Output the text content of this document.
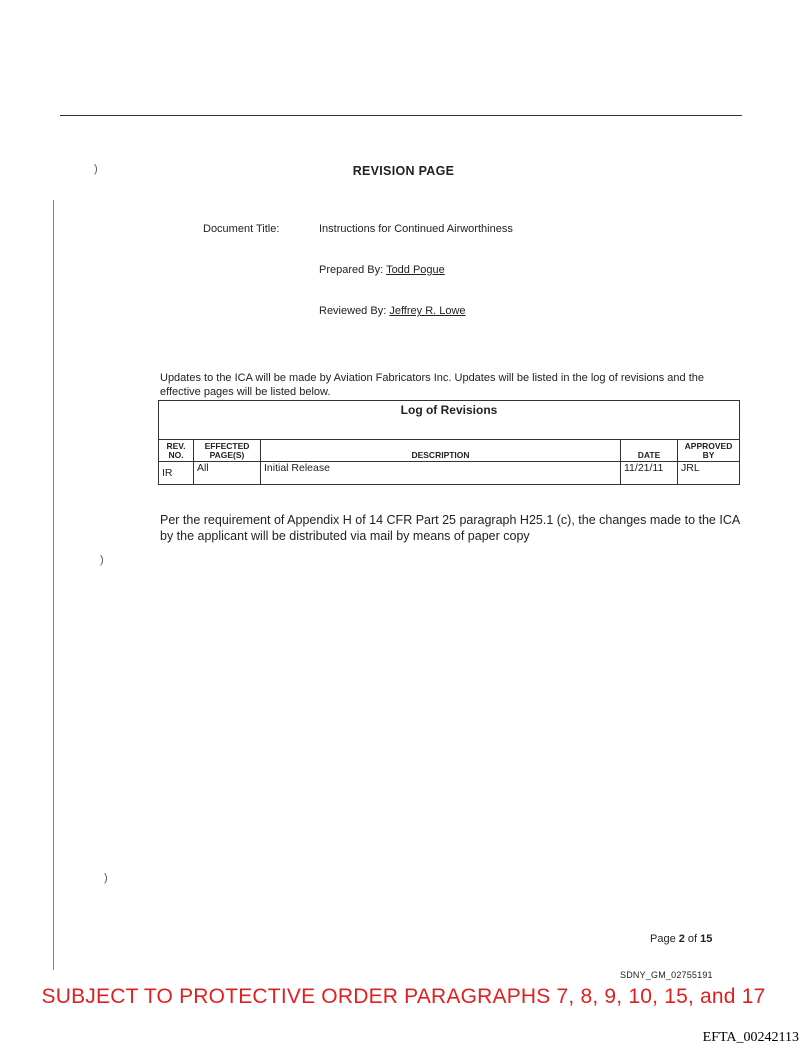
)
)
)
REVISION PAGE
Document Title:	Instructions for Continued Airworthiness
Prepared By: Todd Pogue
Reviewed By: Jeffrey R. Lowe
Updates to the ICA will be made by Aviation Fabricators Inc. Updates will be listed in the log of revisions and the effective pages will be listed below.
Log of Revisions				
REV. NO.	EFFECTED PAGE(S)	DESCRIPTION	DATE	APPROVED BY
IR	All	Initial Release	11/21/11	JRL
Per the requirement of Appendix H of 14 CFR Part 25 paragraph H25.1 (c), the changes made to the ICA by the applicant will be distributed via mail by means of paper copy
Page 2 of 15
SDNY_GM_02755191
SUBJECT TO PROTECTIVE ORDER PARAGRAPHS 7, 8, 9, 10, 15, and 17
EFTA_00242113
